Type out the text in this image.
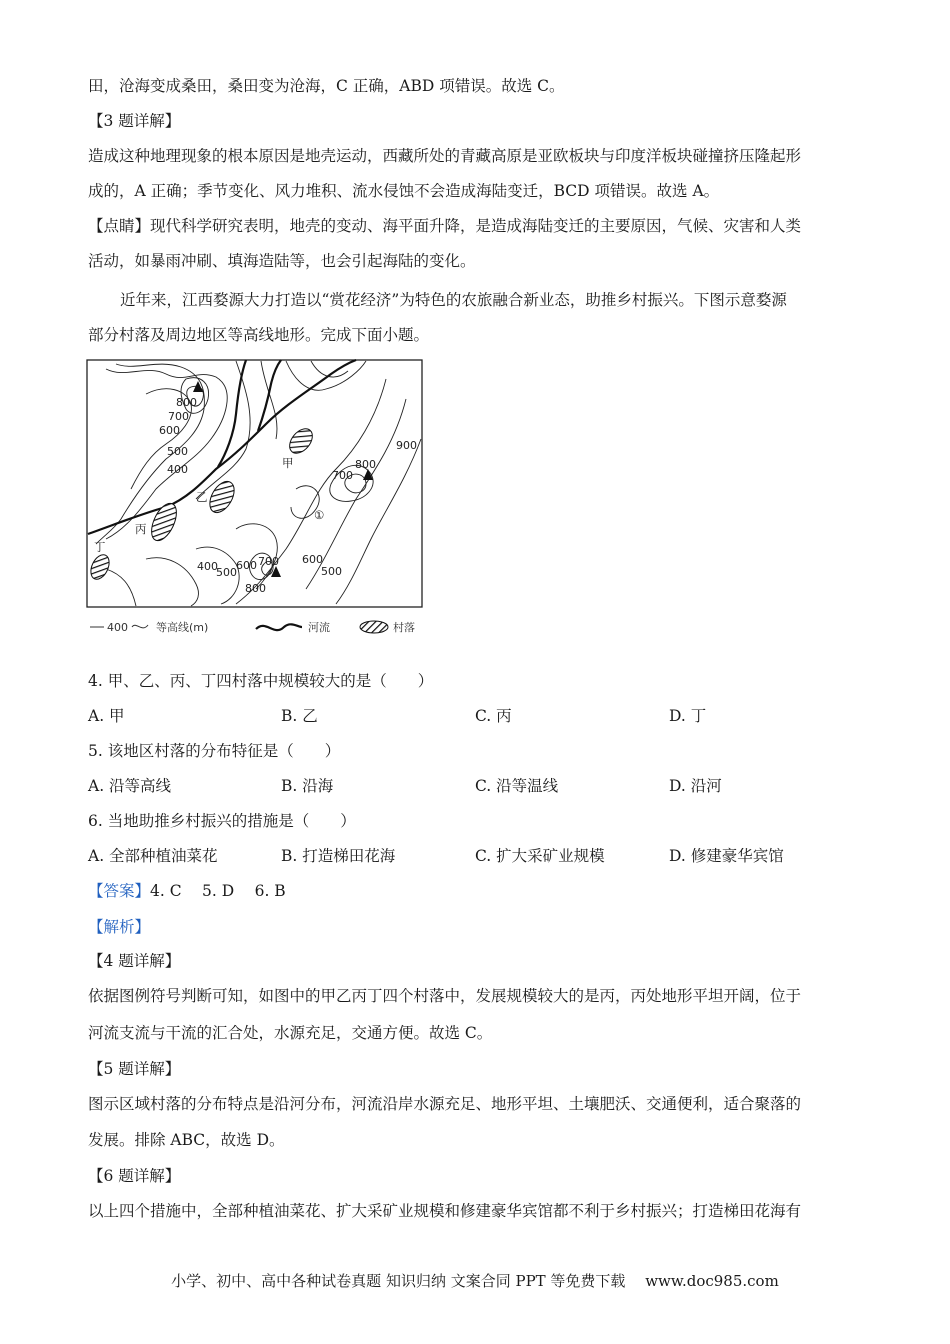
田，沧海变成桑田，桑田变为沧海，C 正确，ABD 项错误。故选 C。
【3 题详解】
造成这种地理现象的根本原因是地壳运动，西藏所处的青藏高原是亚欧板块与印度洋板块碰撞挤压隆起形
成的，A 正确；季节变化、风力堆积、流水侵蚀不会造成海陆变迁，BCD 项错误。故选 A。
【点睛】现代科学研究表明，地壳的变动、海平面升降，是造成海陆变迁的主要原因，气候、灾害和人类
活动，如暴雨冲刷、填海造陆等，也会引起海陆的变化。
近年来，江西婺源大力打造以“赏花经济”为特色的农旅融合新业态，助推乡村振兴。下图示意婺源
部分村落及周边地区等高线地形。完成下面小题。
800
700
600
500
400
900
700
800
400
500
600 700 600
500
800
甲
乙
丙
丁
①
400	等高线(m)	河流	村落
4. 甲、乙、丙、丁四村落中规模较大的是（　　）
A. 甲	B. 乙	C. 丙	D. 丁
5. 该地区村落的分布特征是（　　）
A. 沿等高线	B. 沿海	C. 沿等温线	D. 沿河
6. 当地助推乡村振兴的措施是（　　）
A. 全部种植油菜花	B. 打造梯田花海	C. 扩大采矿业规模	D. 修建豪华宾馆
【答案】4. C　 5. D　 6. B
【解析】
【4 题详解】
依据图例符号判断可知，如图中的甲乙丙丁四个村落中，发展规模较大的是丙，丙处地形平坦开阔，位于
河流支流与干流的汇合处，水源充足，交通方便。故选 C。
【5 题详解】
图示区域村落的分布特点是沿河分布，河流沿岸水源充足、地形平坦、土壤肥沃、交通便利，适合聚落的
发展。排除 ABC，故选 D。
【6 题详解】
以上四个措施中，全部种植油菜花、扩大采矿业规模和修建豪华宾馆都不利于乡村振兴；打造梯田花海有
小学、初中、高中各种试卷真题 知识归纳 文案合同 PPT 等免费下载　 www.doc985.com
